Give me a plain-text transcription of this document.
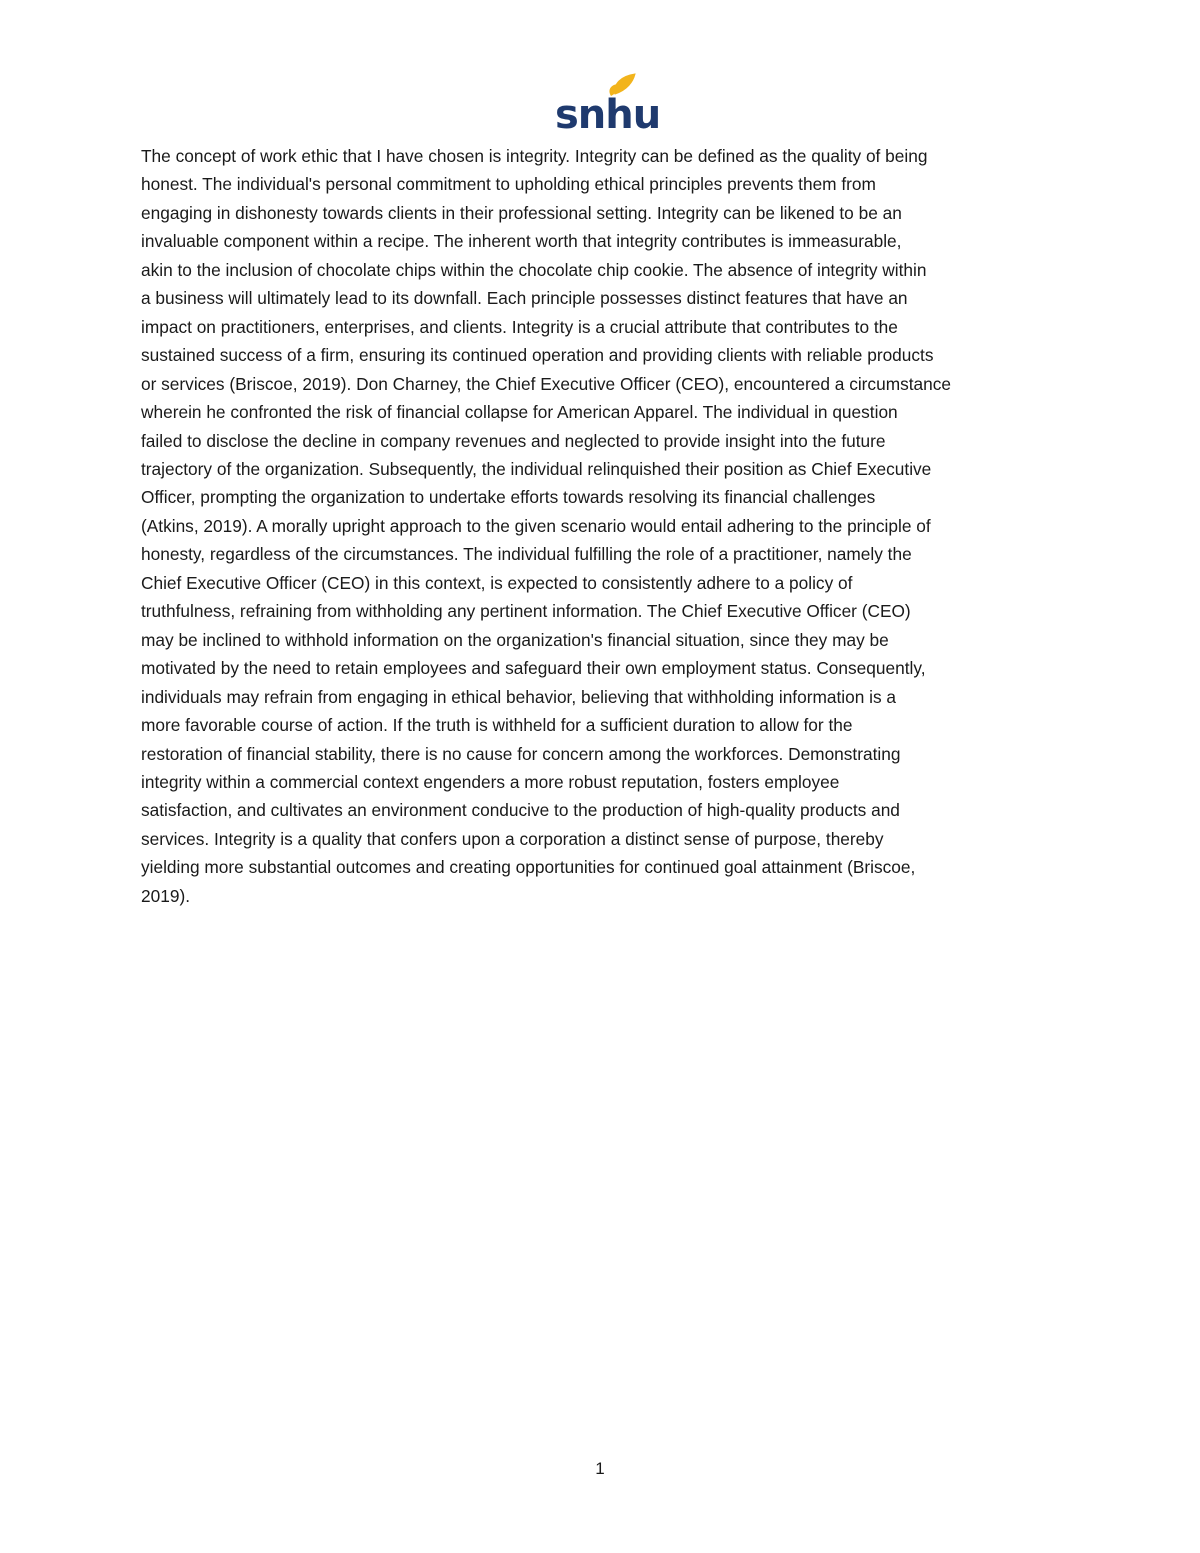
snhu

The concept of work ethic that I have chosen is integrity. Integrity can be defined as the quality of being
honest. The individual's personal commitment to upholding ethical principles prevents them from
engaging in dishonesty towards clients in their professional setting. Integrity can be likened to be an
invaluable component within a recipe. The inherent worth that integrity contributes is immeasurable,
akin to the inclusion of chocolate chips within the chocolate chip cookie. The absence of integrity within
a business will ultimately lead to its downfall. Each principle possesses distinct features that have an
impact on practitioners, enterprises, and clients. Integrity is a crucial attribute that contributes to the
sustained success of a firm, ensuring its continued operation and providing clients with reliable products
or services (Briscoe, 2019). Don Charney, the Chief Executive Officer (CEO), encountered a circumstance
wherein he confronted the risk of financial collapse for American Apparel. The individual in question
failed to disclose the decline in company revenues and neglected to provide insight into the future
trajectory of the organization. Subsequently, the individual relinquished their position as Chief Executive
Officer, prompting the organization to undertake efforts towards resolving its financial challenges
(Atkins, 2019). A morally upright approach to the given scenario would entail adhering to the principle of
honesty, regardless of the circumstances. The individual fulfilling the role of a practitioner, namely the
Chief Executive Officer (CEO) in this context, is expected to consistently adhere to a policy of
truthfulness, refraining from withholding any pertinent information. The Chief Executive Officer (CEO)
may be inclined to withhold information on the organization's financial situation, since they may be
motivated by the need to retain employees and safeguard their own employment status. Consequently,
individuals may refrain from engaging in ethical behavior, believing that withholding information is a
more favorable course of action. If the truth is withheld for a sufficient duration to allow for the
restoration of financial stability, there is no cause for concern among the workforces. Demonstrating
integrity within a commercial context engenders a more robust reputation, fosters employee
satisfaction, and cultivates an environment conducive to the production of high-quality products and
services. Integrity is a quality that confers upon a corporation a distinct sense of purpose, thereby
yielding more substantial outcomes and creating opportunities for continued goal attainment (Briscoe,
2019).

1
